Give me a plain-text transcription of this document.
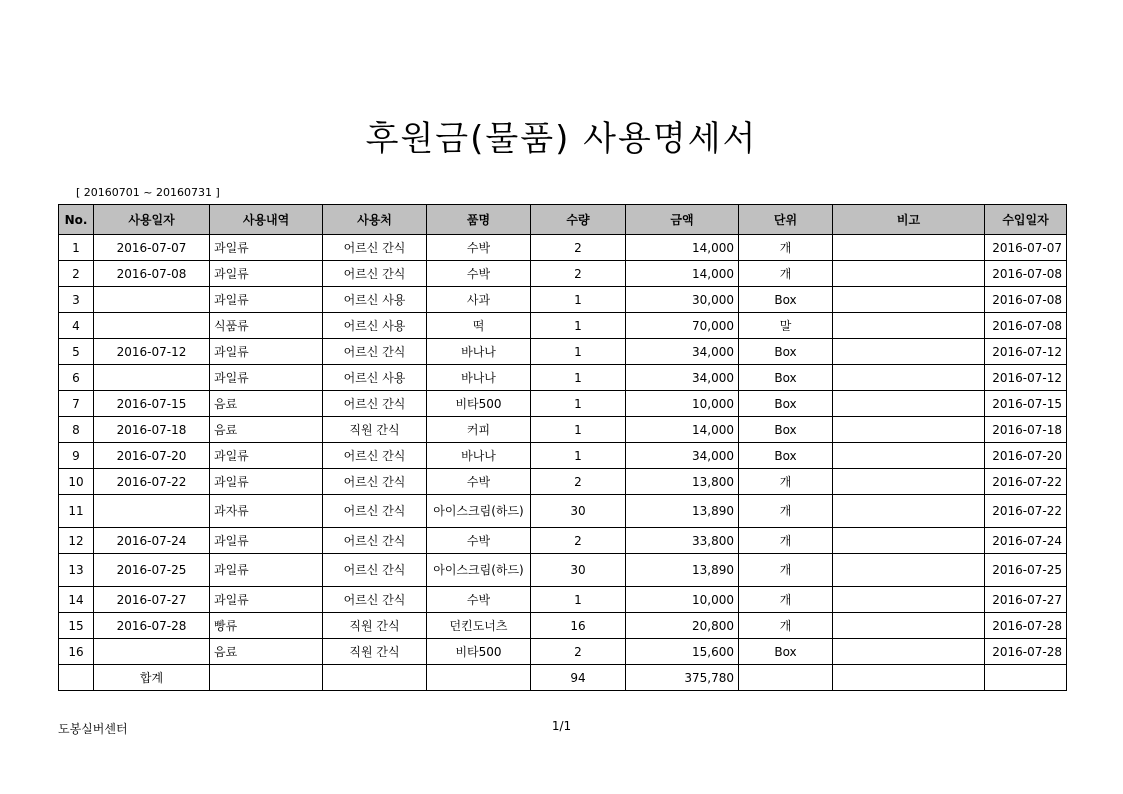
후원금(물품) 사용명세서
[ 20160701 ~ 20160731 ]
No.	사용일자	사용내역	사용처	품명	수량	금액	단위	비고	수입일자
1	2016-07-07	과일류	어르신 간식	수박	2	14,000	개		2016-07-07
2	2016-07-08	과일류	어르신 간식	수박	2	14,000	개		2016-07-08
3		과일류	어르신 사용	사과	1	30,000	Box		2016-07-08
4		식품류	어르신 사용	떡	1	70,000	말		2016-07-08
5	2016-07-12	과일류	어르신 간식	바나나	1	34,000	Box		2016-07-12
6		과일류	어르신 사용	바나나	1	34,000	Box		2016-07-12
7	2016-07-15	음료	어르신 간식	비타500	1	10,000	Box		2016-07-15
8	2016-07-18	음료	직원 간식	커피	1	14,000	Box		2016-07-18
9	2016-07-20	과일류	어르신 간식	바나나	1	34,000	Box		2016-07-20
10	2016-07-22	과일류	어르신 간식	수박	2	13,800	개		2016-07-22
11		과자류	어르신 간식	아이스크림(하드)	30	13,890	개		2016-07-22
12	2016-07-24	과일류	어르신 간식	수박	2	33,800	개		2016-07-24
13	2016-07-25	과일류	어르신 간식	아이스크림(하드)	30	13,890	개		2016-07-25
14	2016-07-27	과일류	어르신 간식	수박	1	10,000	개		2016-07-27
15	2016-07-28	빵류	직원 간식	던킨도너츠	16	20,800	개		2016-07-28
16		음료	직원 간식	비타500	2	15,600	Box		2016-07-28
	합계				94	375,780			
도봉실버센터	1/1
